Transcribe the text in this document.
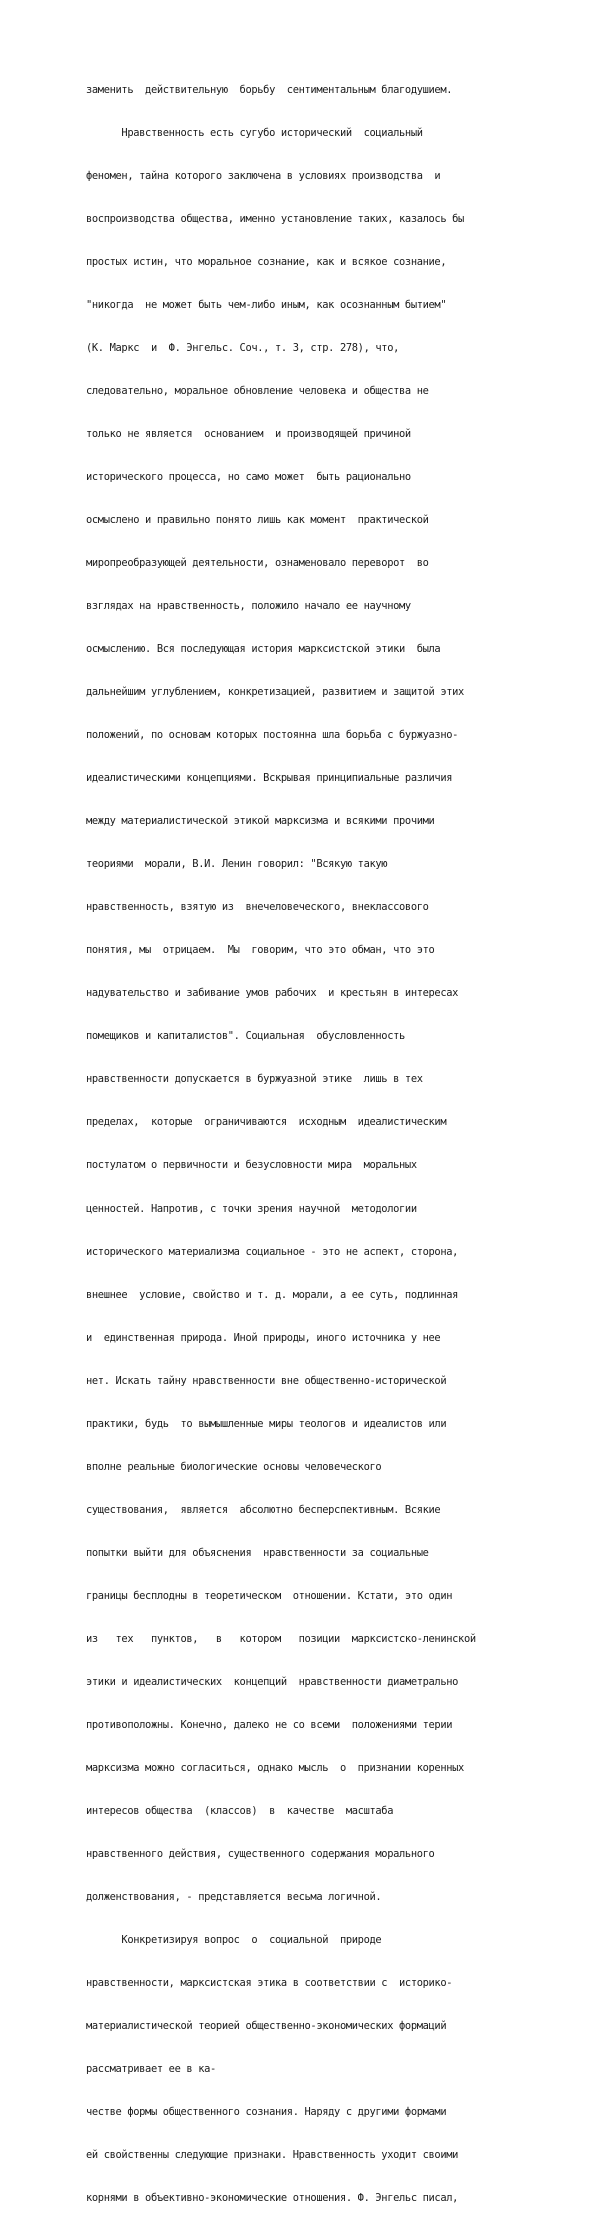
заменить  действительную  борьбу  сентиментальным благодушием.

Нравственность есть сугубо исторический  социальный

феномен, тайна которого заключена в условиях производства  и

воспроизводства общества, именно установление таких, казалось бы

простых истин, что моральное сознание, как и всякое сознание,

"никогда  не может быть чем-либо иным, как осознанным бытием"

(К. Маркс  и  Ф. Энгельс. Соч., т. 3, стр. 278), что,

следовательно, моральное обновление человека и общества не

только не является  основанием  и производящей причиной

исторического процесса, но само может  быть рационально

осмыслено и правильно понято лишь как момент  практической

миропреобразующей деятельности, ознаменовало переворот  во

взглядах на нравственность, положило начало ее научному

осмыслению. Вся последующая история марксистской этики  была

дальнейшим углублением, конкретизацией, развитием и защитой этих

положений, по основам которых постоянна шла борьба с буржуазно-

идеалистическими концепциями. Вскрывая принципиальные различия

между материалистической этикой марксизма и всякими прочими

теориями  морали, В.И. Ленин говорил: "Всякую такую

нравственность, взятую из  внечеловеческого, внеклассового

понятия, мы  отрицаем.  Мы  говорим, что это обман, что это

надувательство и забивание умов рабочих  и крестьян в интересах

помещиков и капиталистов". Социальная  обусловленность

нравственности допускается в буржуазной этике  лишь в тех

пределах,  которые  ограничиваются  исходным  идеалистическим

постулатом о первичности и безусловности мира  моральных

ценностей. Напротив, с точки зрения научной  методологии

исторического материализма социальное - это не аспект, сторона,

внешнее  условие, свойство и т. д. морали, а ее суть, подлинная

и  единственная природа. Иной природы, иного источника у нее

нет. Искать тайну нравственности вне общественно-исторической

практики, будь  то вымышленные миры теологов и идеалистов или

вполне реальные биологические основы человеческого

существования,  является  абсолютно бесперспективным. Всякие

попытки выйти для объяснения  нравственности за социальные

границы бесплодны в теоретическом  отношении. Кстати, это один

из   тех   пунктов,   в   котором   позиции  марксистско-ленинской

этики и идеалистических  концепций  нравственности диаметрально

противоположны. Конечно, далеко не со всеми  положениями терии

марксизма можно согласиться, однако мысль  о  признании коренных

интересов общества  (классов)  в  качестве  масштаба

нравственного действия, существенного содержания морального

долженствования, - представляется весьма логичной.

Конкретизируя вопрос  о  социальной  природе

нравственности, марксистская этика в соответствии с  историко-

материалистической теорией общественно-экономических формаций

рассматривает ее в ка-

честве формы общественного сознания. Наряду с другими формами

ей свойственны следующие признаки. Нравственность уходит своими

корнями в объективно-экономические отношения. Ф. Энгельс писал,
